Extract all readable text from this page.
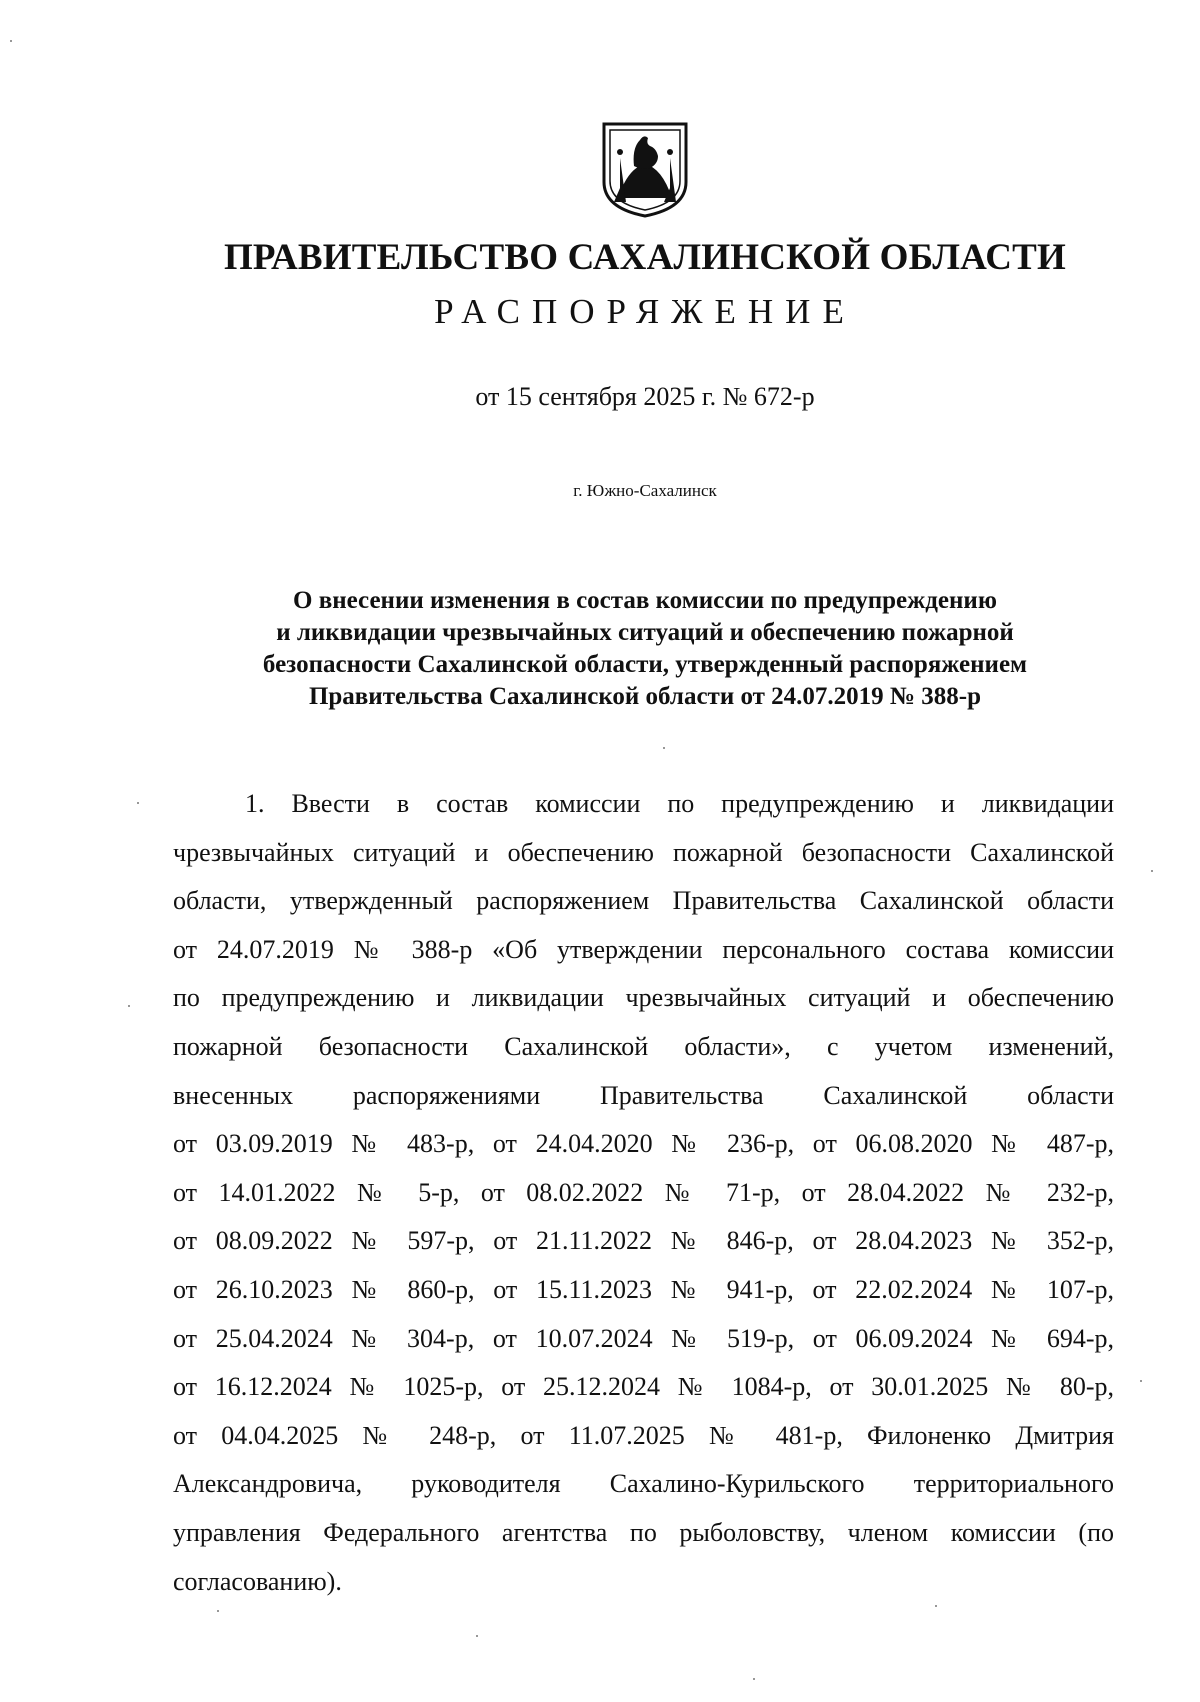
ПРАВИТЕЛЬСТВО САХАЛИНСКОЙ ОБЛАСТИ
РАСПОРЯЖЕНИЕ
от 15 сентября 2025 г. № 672-р
г. Южно-Сахалинск
О внесении изменения в состав комиссии по предупреждению
и ликвидации чрезвычайных ситуаций и обеспечению пожарной
безопасности Сахалинской области, утвержденный распоряжением
Правительства Сахалинской области от 24.07.2019 № 388-р
1. Ввести в состав комиссии по предупреждению и ликвидации
чрезвычайных ситуаций и обеспечению пожарной безопасности Сахалинской
области, утвержденный распоряжением Правительства Сахалинской области
от 24.07.2019 № 388-р «Об утверждении персонального состава комиссии
по предупреждению и ликвидации чрезвычайных ситуаций и обеспечению
пожарной безопасности Сахалинской области», с учетом изменений,
внесенных распоряжениями Правительства Сахалинской области
от 03.09.2019 № 483-р, от 24.04.2020 № 236-р, от 06.08.2020 № 487-р,
от 14.01.2022 № 5-р, от 08.02.2022 № 71-р, от 28.04.2022 № 232-р,
от 08.09.2022 № 597-р, от 21.11.2022 № 846-р, от 28.04.2023 № 352-р,
от 26.10.2023 № 860-р, от 15.11.2023 № 941-р, от 22.02.2024 № 107-р,
от 25.04.2024 № 304-р, от 10.07.2024 № 519-р, от 06.09.2024 № 694-р,
от 16.12.2024 № 1025-р, от 25.12.2024 № 1084-р, от 30.01.2025 № 80-р,
от 04.04.2025 № 248-р, от 11.07.2025 № 481-р, Филоненко Дмитрия
Александровича, руководителя Сахалино-Курильского территориального
управления Федерального агентства по рыболовству, членом комиссии (по
согласованию).
